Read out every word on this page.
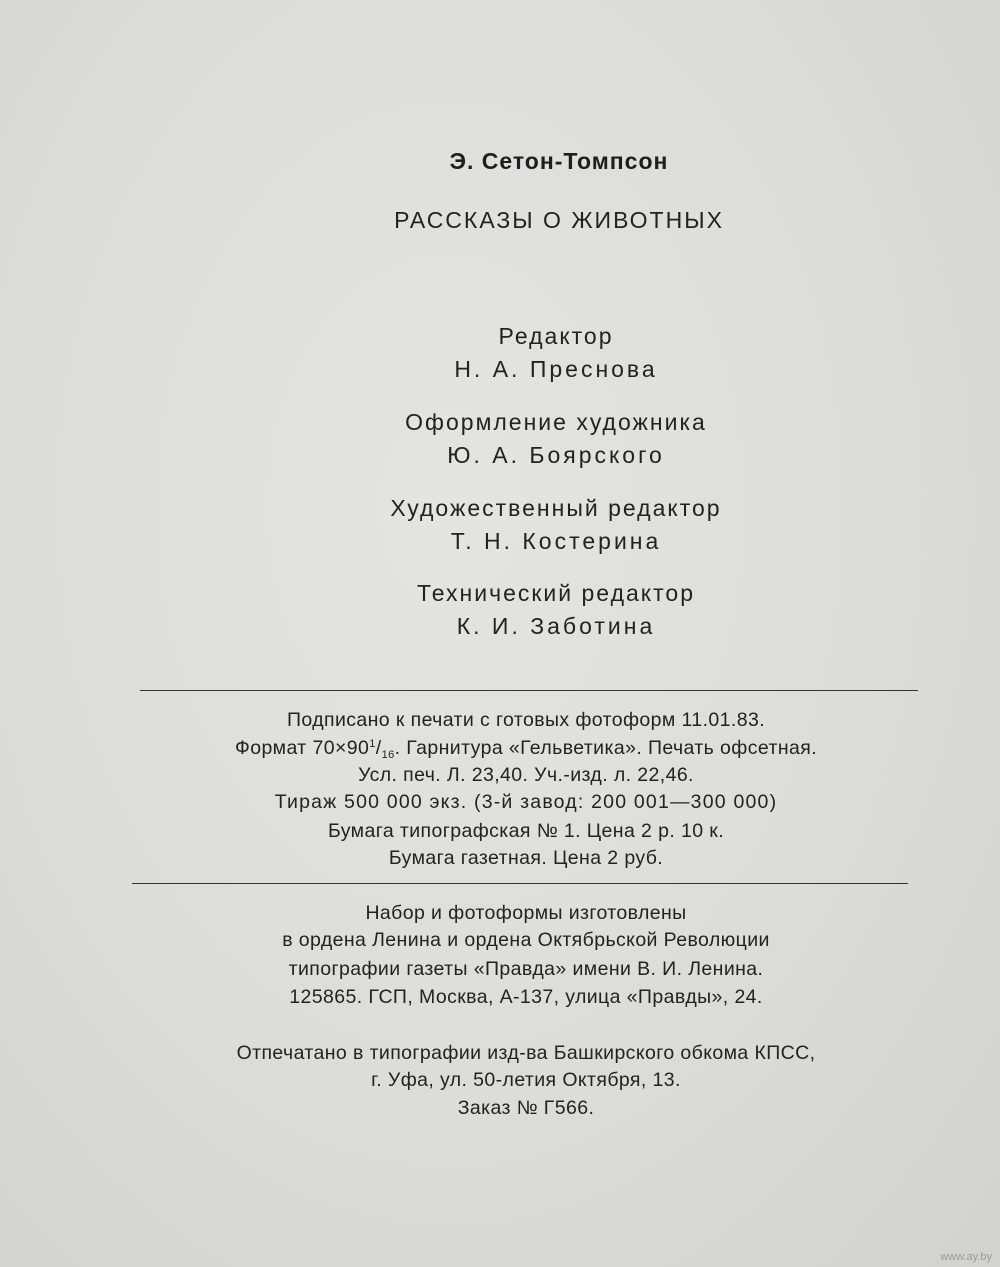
Э. Сетон-Томпсон
РАССКАЗЫ О ЖИВОТНЫХ
Редактор
Н. А. Преснова
Оформление художника
Ю. А. Боярского
Художественный редактор
Т. Н. Костерина
Технический редактор
К. И. Заботина
Подписано к печати с готовых фотоформ 11.01.83.
Формат $70\times 90^1/_{16}$. Гарнитура «Гельветика». Печать офсетная.
Усл. печ. Л. 23,40. Уч.-изд. л. 22,46.
Тираж 500 000 экз. (3-й завод: 200 001—300 000)
Бумага типографская № 1. Цена 2 р. 10 к.
Бумага газетная. Цена 2 руб.
Набор и фотоформы изготовлены
в ордена Ленина и ордена Октябрьской Революции
типографии газеты «Правда» имени В. И. Ленина.
125865. ГСП, Москва, А-137, улица «Правды», 24.
Отпечатано в типографии изд-ва Башкирского обкома КПСС,
г. Уфа, ул. 50-летия Октября, 13.
Заказ № Г566.
www.ay.by
